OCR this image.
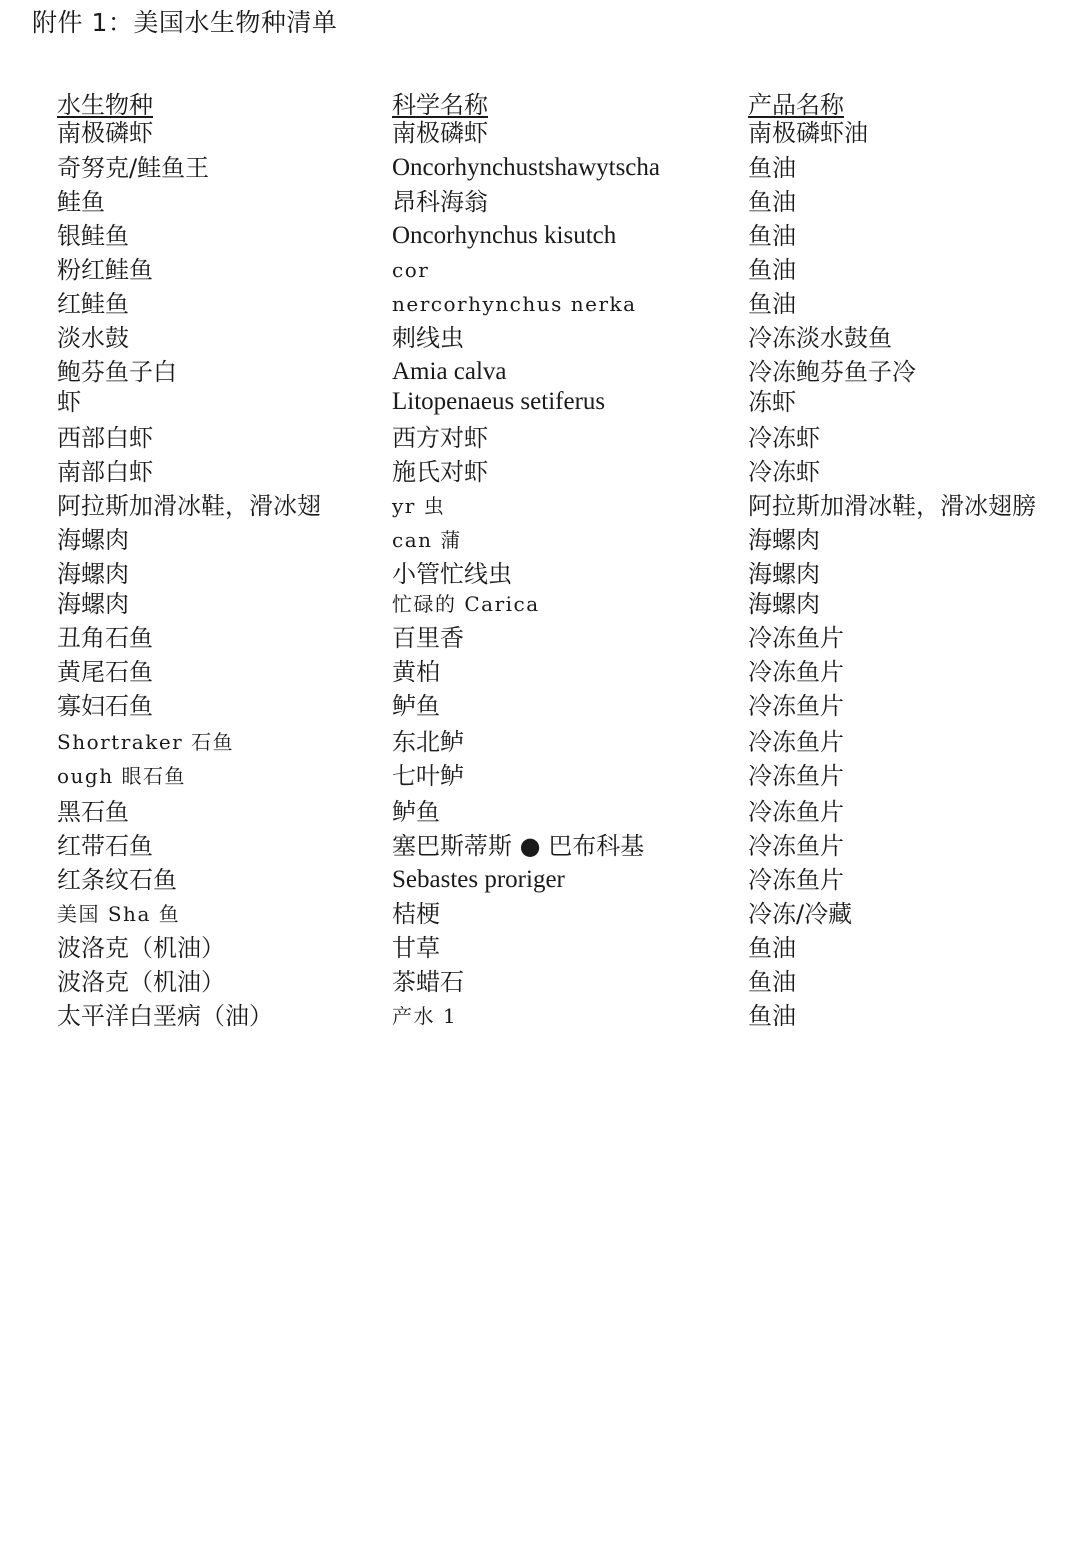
附件 1：美国水生物种清单
水生物种	科学名称	产品名称
南极磷虾	南极磷虾	南极磷虾油
奇努克/鲑鱼王	Oncorhynchustshawytscha	鱼油
鲑鱼	昂科海翁	鱼油
银鲑鱼	Oncorhynchus kisutch	鱼油
粉红鲑鱼	cor	鱼油
红鲑鱼	nercorhynchus nerka	鱼油
淡水鼓	刺线虫	冷冻淡水鼓鱼
鲍芬鱼子白	Amia calva	冷冻鲍芬鱼子冷
虾	Litopenaeus setiferus	冻虾
西部白虾	西方对虾	冷冻虾
南部白虾	施氏对虾	冷冻虾
阿拉斯加滑冰鞋，滑冰翅	yr 虫	阿拉斯加滑冰鞋，滑冰翅膀
海螺肉	can 蒲	海螺肉
海螺肉	小管忙线虫	海螺肉
海螺肉	忙碌的 Carica	海螺肉
丑角石鱼	百里香	冷冻鱼片
黄尾石鱼	黄柏	冷冻鱼片
寡妇石鱼	鲈鱼	冷冻鱼片
Shortraker 石鱼	东北鲈	冷冻鱼片
ough 眼石鱼	七叶鲈	冷冻鱼片
黑石鱼	鲈鱼	冷冻鱼片
红带石鱼	塞巴斯蒂斯 ● 巴布科基	冷冻鱼片
红条纹石鱼	Sebastes proriger	冷冻鱼片
美国 Sha 鱼	桔梗	冷冻/冷藏
波洛克（机油）	甘草	鱼油
波洛克（机油）	茶蜡石	鱼油
太平洋白垩病（油）	产水 1	鱼油
